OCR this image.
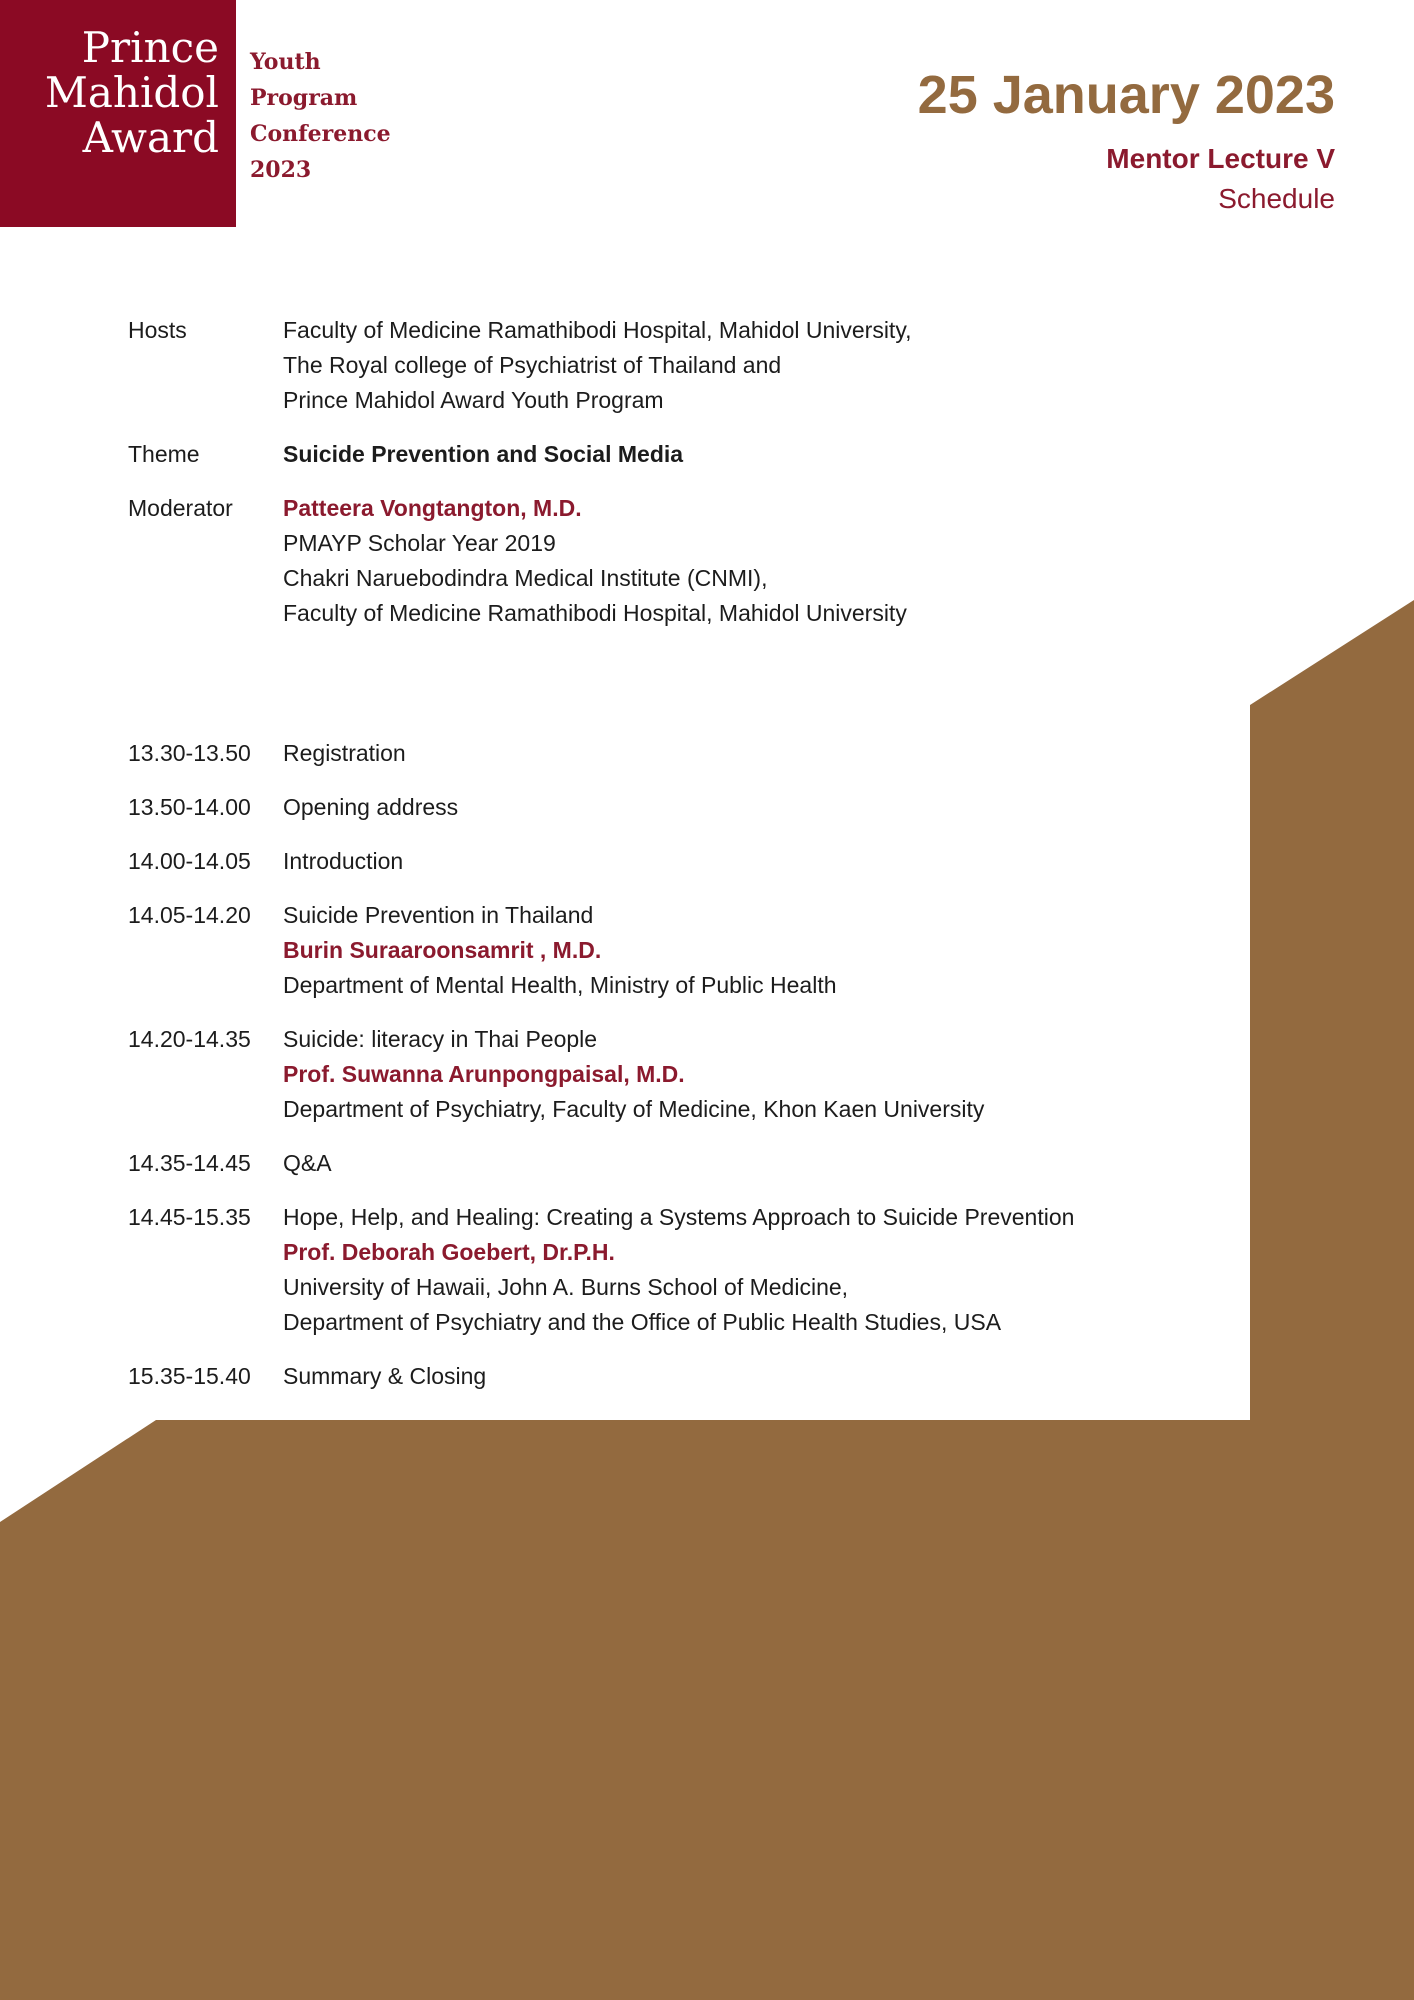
Prince
Mahidol
Award
Youth
Program
Conference
2023
25 January 2023
Mentor Lecture V
Schedule
Hosts	Faculty of Medicine Ramathibodi Hospital, Mahidol University,
The Royal college of Psychiatrist of Thailand and
Prince Mahidol Award Youth Program
Theme	Suicide Prevention and Social Media
Moderator	Patteera Vongtangton, M.D.
PMAYP Scholar Year 2019
Chakri Naruebodindra Medical Institute (CNMI),
Faculty of Medicine Ramathibodi Hospital, Mahidol University
13.30-13.50	Registration
13.50-14.00	Opening address
14.00-14.05	Introduction
14.05-14.20	Suicide Prevention in Thailand
Burin Suraaroonsamrit , M.D.
Department of Mental Health, Ministry of Public Health
14.20-14.35	Suicide: literacy in Thai People
Prof. Suwanna Arunpongpaisal, M.D.
Department of Psychiatry, Faculty of Medicine, Khon Kaen University
14.35-14.45	Q&A
14.45-15.35	Hope, Help, and Healing: Creating a Systems Approach to Suicide Prevention
Prof. Deborah Goebert, Dr.P.H.
University of Hawaii, John A. Burns School of Medicine,
Department of Psychiatry and the Office of Public Health Studies, USA
15.35-15.40	Summary & Closing
